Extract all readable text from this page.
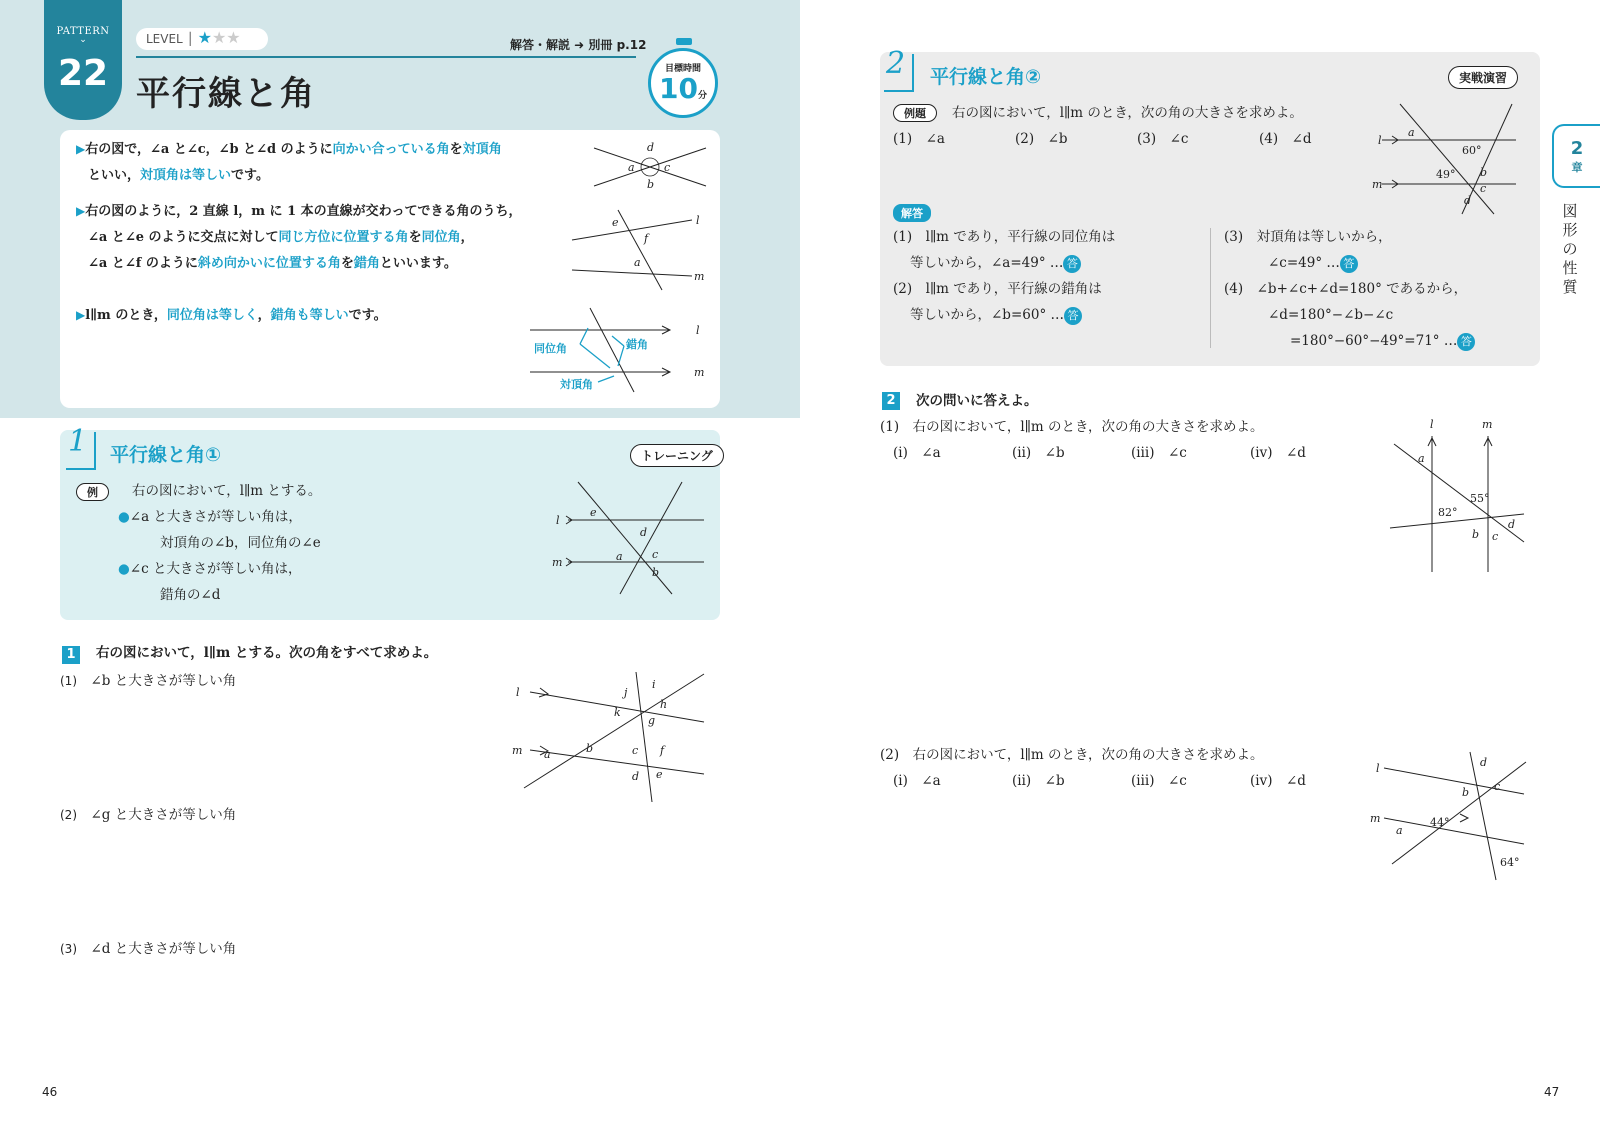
PATTERN
⌄
22
LEVEL │ ★★★	解答・解説 ➜ 別冊 p.12
平行線と角
目標時間
10分
▶右の図で，∠a と∠c，∠b と∠d のように向かい合っている角を対頂角
といい，対頂角は等しいです。
▶右の図のように，2 直線 l，m に 1 本の直線が交わってできる角のうち，
∠a と∠e のように交点に対して同じ方位に位置する角を同位角，
∠a と∠f のように斜め向かいに位置する角を錯角といいます。
▶l∥m のとき，同位角は等しく，錯角も等しいです。
d
a	c
b
l
m
e
f
a
l
m
同位角	錯角
対頂角
1 平行線と角①	トレーニング
例	右の図において，l∥m とする。
●∠a と大きさが等しい角は，
対頂角の∠b，同位角の∠e
●∠c と大きさが等しい角は，
錯角の∠d
l
m
e
d
a	c
b
1	右の図において，l∥m とする。次の角をすべて求めよ。
(1)　 ∠b と大きさが等しい角
(2)　 ∠g と大きさが等しい角
(3)　 ∠d と大きさが等しい角
l
m
i
j
h
k
g
a	b	c f
d e
46
2 平行線と角②	実戦演習
例題	右の図において，l∥m のとき，次の角の大きさを求めよ。
(1)　∠a	(2)　∠b	(3)　∠c	(4)　∠d	l
m
a
b
c
d
60°
49°
解答
(1)　l∥m であり，平行線の同位角は
等しいから，∠a=49° … 答
(2)　l∥m であり，平行線の錯角は
等しいから，∠b=60° … 答
(3)　対頂角は等しいから，
∠c=49° … 答
(4)　∠b+∠c+∠d=180° であるから，
∠d=180°−∠b−∠c
=180°−60°−49°=71° … 答
2	次の問いに答えよ。
(1)　右の図において，l∥m のとき，次の角の大きさを求めよ。
(ⅰ)　∠a	(ⅱ)　∠b	(ⅲ)　∠c	(ⅳ)　∠d
l	m
a
b c
d
55°
82°
(2)　右の図において，l∥m のとき，次の角の大きさを求めよ。
(ⅰ)　∠a	(ⅱ)　∠b	(ⅲ)　∠c	(ⅳ)　∠d
l
m
d
b c
a
44°
64°
2
章
図形の性質
47
